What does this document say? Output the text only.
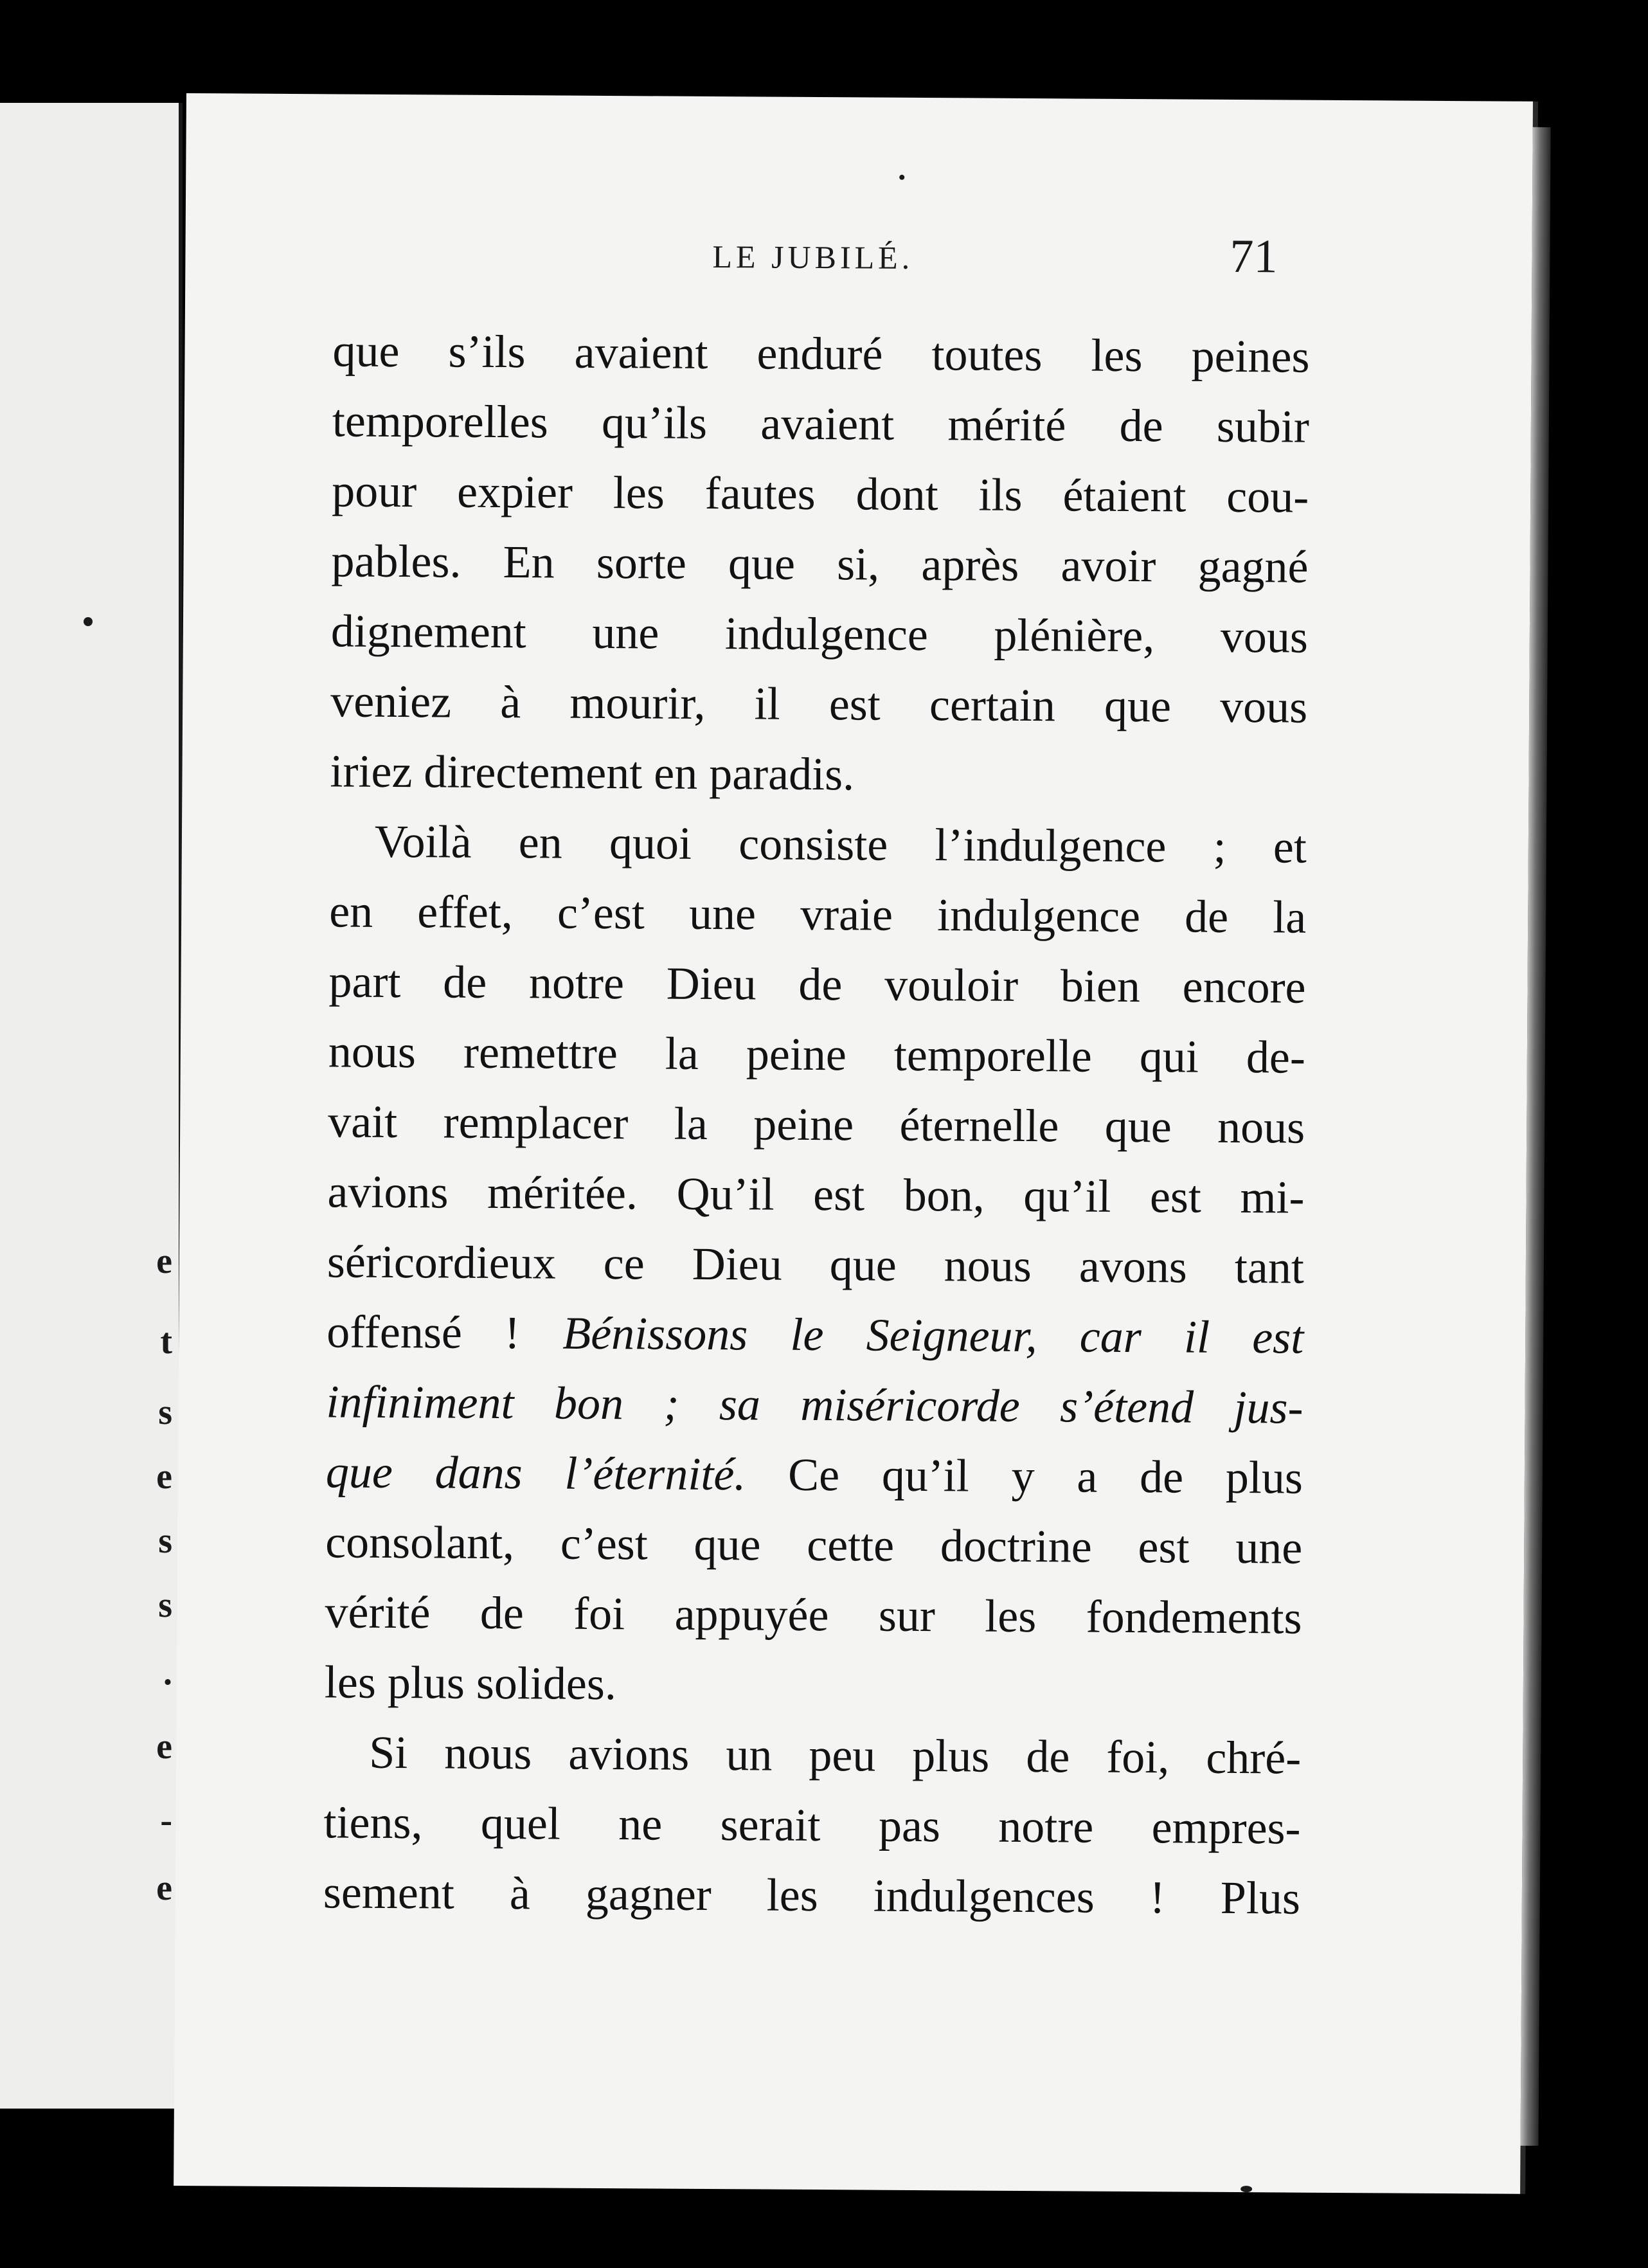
e
t
s
e
s
s
.
e
-
e
LE JUBILÉ.	71

que s’ils avaient enduré toutes les peines
temporelles qu’ils avaient mérité de subir
pour expier les fautes dont ils étaient cou-
pables. En sorte que si, après avoir gagné
dignement une indulgence plénière, vous
veniez à mourir, il est certain que vous
iriez directement en paradis.

Voilà en quoi consiste l’indulgence ; et
en effet, c’est une vraie indulgence de la
part de notre Dieu de vouloir bien encore
nous remettre la peine temporelle qui de-
vait remplacer la peine éternelle que nous
avions méritée. Qu’il est bon, qu’il est mi-
séricordieux ce Dieu que nous avons tant
offensé ! Bénissons le Seigneur, car il est
infiniment bon ; sa miséricorde s’étend jus-
que dans l’éternité. Ce qu’il y a de plus
consolant, c’est que cette doctrine est une
vérité de foi appuyée sur les fondements
les plus solides.

Si nous avions un peu plus de foi, chré-
tiens, quel ne serait pas notre empres-
sement à gagner les indulgences ! Plus
